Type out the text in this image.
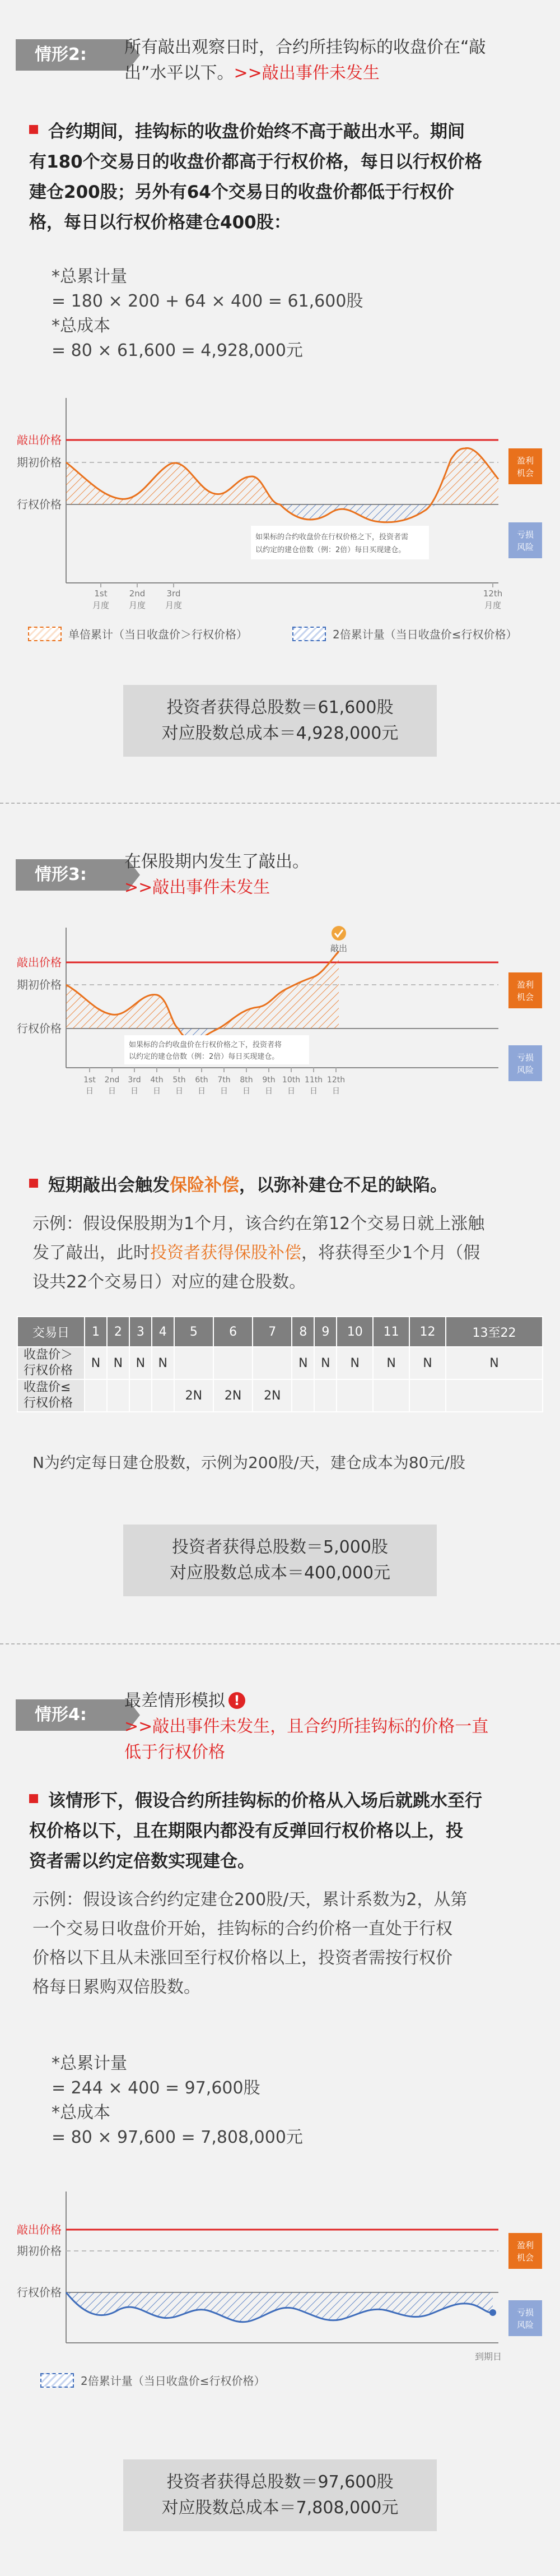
情形2:	所有敲出观察日时，合约所挂钩标的收盘价在“敲
出”水平以下。>>敲出事件未发生
合约期间，挂钩标的收盘价始终不高于敲出水平。期间
有180个交易日的收盘价都高于行权价格，每日以行权价格
建仓200股；另外有64个交易日的收盘价都低于行权价
格，每日以行权价格建仓400股：
*总累计量
= 180 × 200 + 64 × 400 = 61,600股
*总成本
= 80 × 61,600 = 4,928,000元
敲出价格
期初价格
行权价格
如果标的合约收盘价在行权价格之下，投资者需
以约定的建仓倍数（例：2倍）每日买现建仓。
盈利
机会
亏损
风险
1st
月度
2nd
月度
3rd
月度
12th
月度
单倍累计（当日收盘价＞行权价格）	2倍累计量（当日收盘价≤行权价格）
投资者获得总股数＝61,600股
对应股数总成本＝4,928,000元
情形3:
在保股期内发生了敲出。
>>敲出事件未发生
敲出
敲出价格
期初价格
行权价格
如果标的合约收盘价在行权价格之下，投资者将
以约定的建仓倍数（例：2倍）每日买现建仓。
盈利
机会
亏损
风险
1st
日
2nd
日
3rd
日
4th
日
5th
日
6th
日
7th
日
8th
日
9th
日
10th
日
11th
日
12th
日
短期敲出会触发保险补偿，以弥补建仓不足的缺陷。
示例：假设保股期为1个月，该合约在第12个交易日就上涨触
发了敲出，此时投资者获得保股补偿，将获得至少1个月（假
设共22个交易日）对应的建仓股数。
交易日	1	2	3	4	5	6	7	8	9	10	11	12	13至22

收盘价＞
行权价格	N	N	N	N				N	N	N	N	N	N

收盘价≤
行权价格					2N	2N	2N						
N为约定每日建仓股数，示例为200股/天，建仓成本为80元/股
投资者获得总股数＝5,000股
对应股数总成本＝400,000元
情形4:
最差情形模拟 !
>>敲出事件未发生，且合约所挂钩标的价格一直
低于行权价格
该情形下，假设合约所挂钩标的价格从入场后就跳水至行
权价格以下，且在期限内都没有反弹回行权价格以上，投
资者需以约定倍数实现建仓。
示例：假设该合约约定建仓200股/天，累计系数为2，从第
一个交易日收盘价开始，挂钩标的合约价格一直处于行权
价格以下且从未涨回至行权价格以上，投资者需按行权价
格每日累购双倍股数。
*总累计量
= 244 × 400 = 97,600股
*总成本
= 80 × 97,600 = 7,808,000元
敲出价格
期初价格
行权价格
盈利
机会
亏损
风险
到期日
2倍累计量（当日收盘价≤行权价格）
投资者获得总股数＝97,600股
对应股数总成本＝7,808,000元
